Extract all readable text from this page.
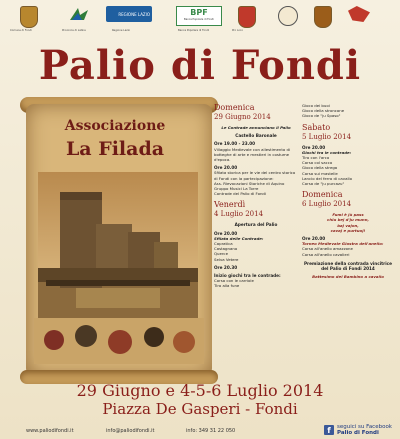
REGIONE LAZIO	BPF
Banca Popolare di Fondi
Comune di Fondi	Provincia di Latina	Regione Lazio	Banca Popolare di Fondi	Pro Loco
Palio di Fondi
Associazione
La Filada
Domenica
29 Giugno 2014
Le Contrade annunciano il Palio
Castello Baronale
Ore 19.00 - 23.00
Villaggio Medievale con allestimento di botteghe di arte e mestieri in costume d'epoca.
Ore 20.00
Sfilata storica per le vie del centro storico di Fondi con la partecipazione:
Ass. Rievocazioni Storiche di Aquino
Gruppo Musici La Torre
Contrade del Palio di Fondi
Venerdì
4 Luglio 2014
Apertura del Palio
Ore 20.00
Sfilata delle Contrade:
Capratica
Castagnano
Querce
Selva Vetere
Ore 20.30
Inizio giochi tra le contrade:
Corsa con le carriole
Tiro alla fune
Gioco dei buoi
Gioco della stroncone
Gioco de "ju Spaso"
Sabato
5 Luglio 2014
Ore 20.00
Giochi tra le contrade:
Tiro con l'arco
Corsa col sacco
Gioco della strega
Corsa sui mastelle
Lancio del ferro di cavallo
Corsa de "ju purcazu"
Domenica
6 Luglio 2014
Fumi è jù pass
chiu bej d'ju munn,
baj vajon,
cavaj e purtuoj!
Ore 20.00
Torneo Medievale Giostra dell'anello:
Corsa all'anello amazzone
Corsa all'anello cavalieri
Premiazione della contrada vincitrice del Palio di Fondi 2014
Battesimo del Bambino a cavallo
29 Giugno e 4-5-6 Luglio 2014
Piazza De Gasperi - Fondi
www.paliodifondi.it	info@paliodifondi.it	info: 349 31 22 050	f	seguici su Facebook
Palio di Fondi
